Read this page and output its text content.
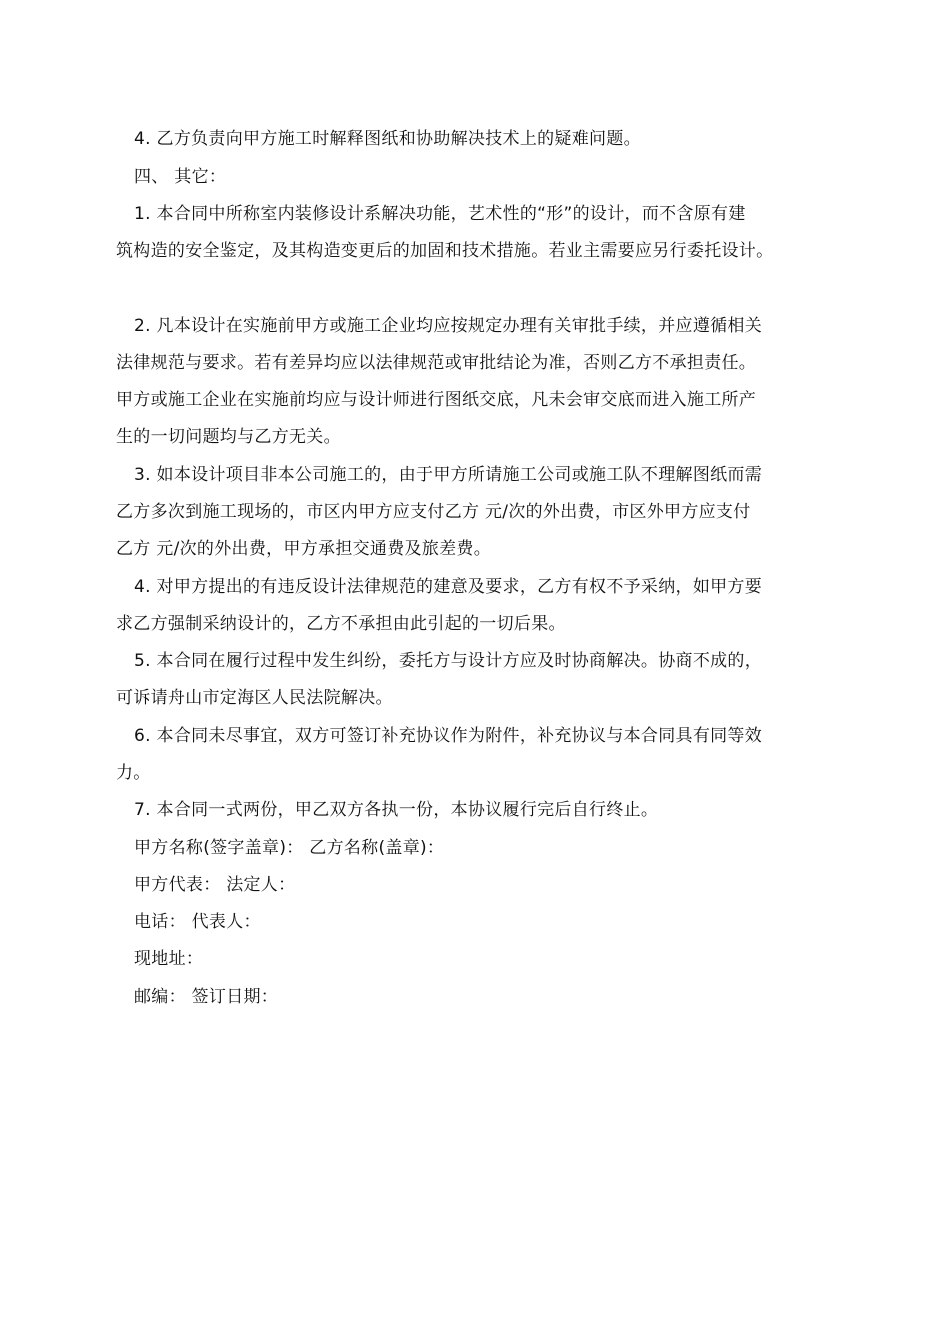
4. 乙方负责向甲方施工时解释图纸和协助解决技术上的疑难问题。
四、 其它：
1. 本合同中所称室内装修设计系解决功能，艺术性的“形”的设计，而不含原有建
筑构造的安全鉴定，及其构造变更后的加固和技术措施。若业主需要应另行委托设计。
2. 凡本设计在实施前甲方或施工企业均应按规定办理有关审批手续，并应遵循相关
法律规范与要求。若有差异均应以法律规范或审批结论为准，否则乙方不承担责任。
甲方或施工企业在实施前均应与设计师进行图纸交底，凡未会审交底而进入施工所产
生的一切问题均与乙方无关。
3. 如本设计项目非本公司施工的，由于甲方所请施工公司或施工队不理解图纸而需
乙方多次到施工现场的，市区内甲方应支付乙方 元/次的外出费，市区外甲方应支付
乙方 元/次的外出费，甲方承担交通费及旅差费。
4. 对甲方提出的有违反设计法律规范的建意及要求，乙方有权不予采纳，如甲方要
求乙方强制采纳设计的，乙方不承担由此引起的一切后果。
5. 本合同在履行过程中发生纠纷，委托方与设计方应及时协商解决。协商不成的，
可诉请舟山市定海区人民法院解决。
6. 本合同未尽事宜，双方可签订补充协议作为附件，补充协议与本合同具有同等效
力。
7. 本合同一式两份，甲乙双方各执一份，本协议履行完后自行终止。
甲方名称(签字盖章)： 乙方名称(盖章)：
甲方代表： 法定人：
电话： 代表人：
现地址：
邮编： 签订日期：
